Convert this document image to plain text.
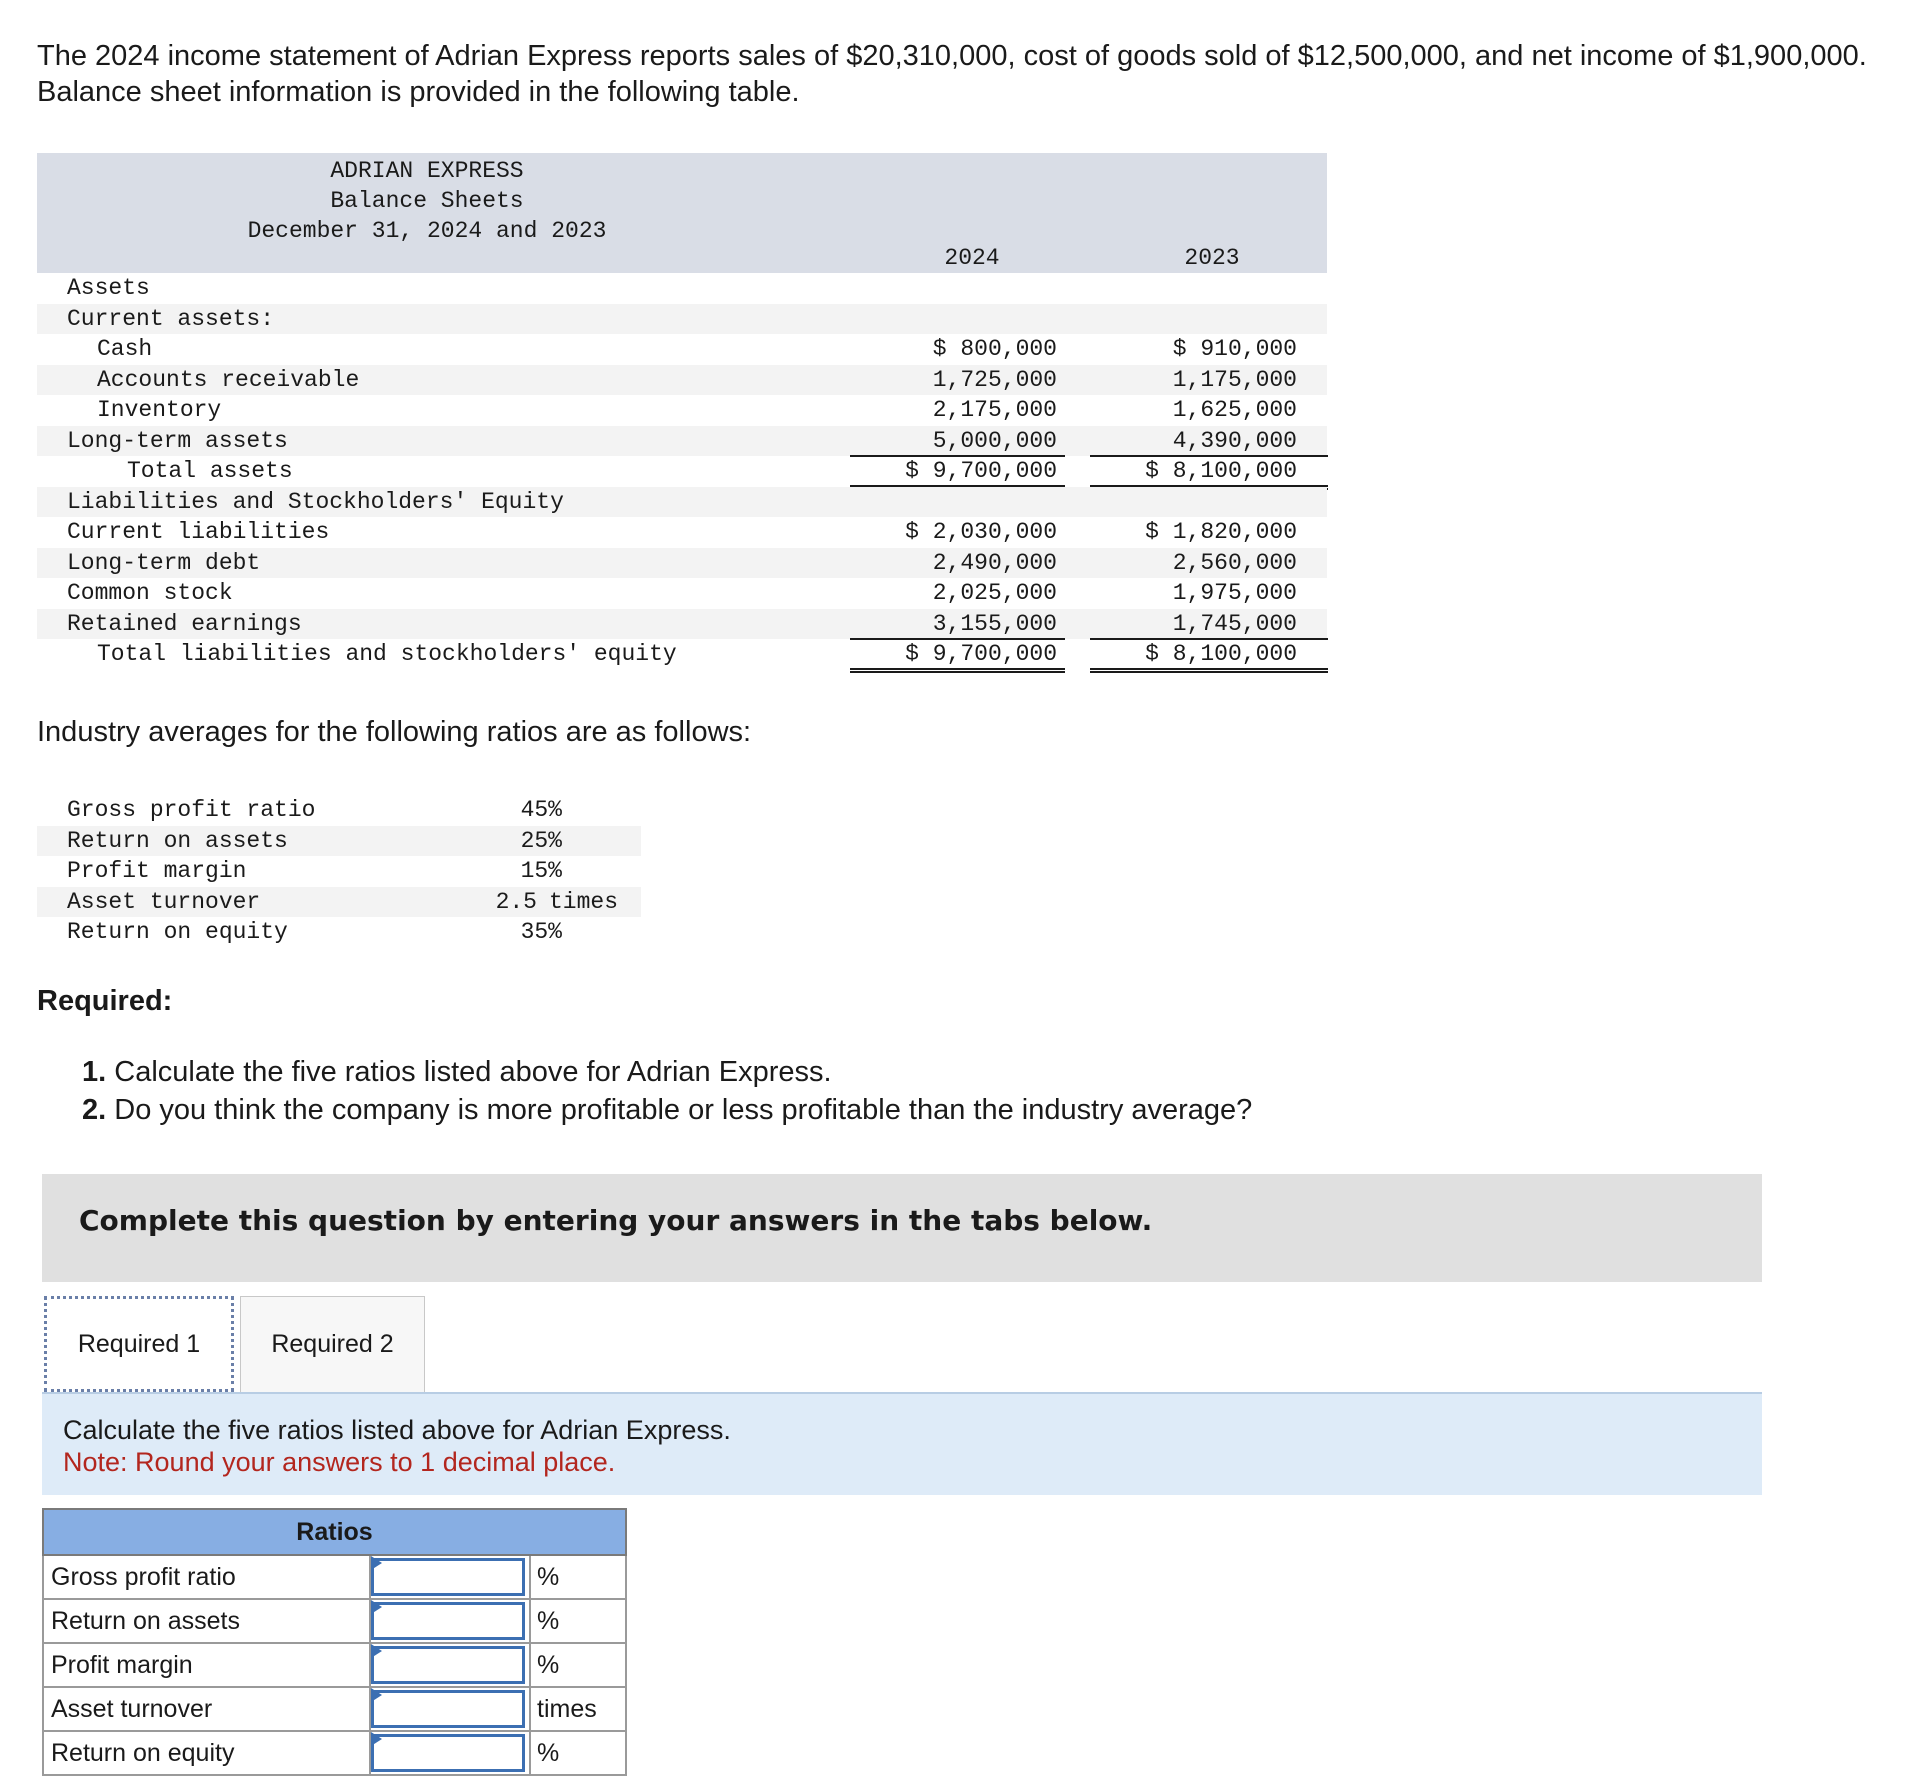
The 2024 income statement of Adrian Express reports sales of $20,310,000, cost of goods sold of $12,500,000, and net income of $1,900,000. Balance sheet information is provided in the following table.

ADRIAN EXPRESS
Balance Sheets
December 31, 2024 and 2023
2024	2023
Assets
Current assets:
Cash	$ 800,000	$ 910,000
Accounts receivable	1,725,000	1,175,000
Inventory	2,175,000	1,625,000
Long-term assets	5,000,000	4,390,000
Total assets	$ 9,700,000	$ 8,100,000
Liabilities and Stockholders' Equity
Current liabilities	$ 2,030,000	$ 1,820,000
Long-term debt	2,490,000	2,560,000
Common stock	2,025,000	1,975,000
Retained earnings	3,155,000	1,745,000
Total liabilities and stockholders' equity	$ 9,700,000	$ 8,100,000

Industry averages for the following ratios are as follows:

Gross profit ratio	45%
Return on assets	25%
Profit margin	15%
Asset turnover	2.5 times
Return on equity	35%

Required:

1. Calculate the five ratios listed above for Adrian Express.
2. Do you think the company is more profitable or less profitable than the industry average?
Complete this question by entering your answers in the tabs below.
Required 1	Required 2
Calculate the five ratios listed above for Adrian Express.
Note: Round your answers to 1 decimal place.
Ratios		
Gross profit ratio		%
Return on assets		%
Profit margin		%
Asset turnover		times
Return on equity		%
